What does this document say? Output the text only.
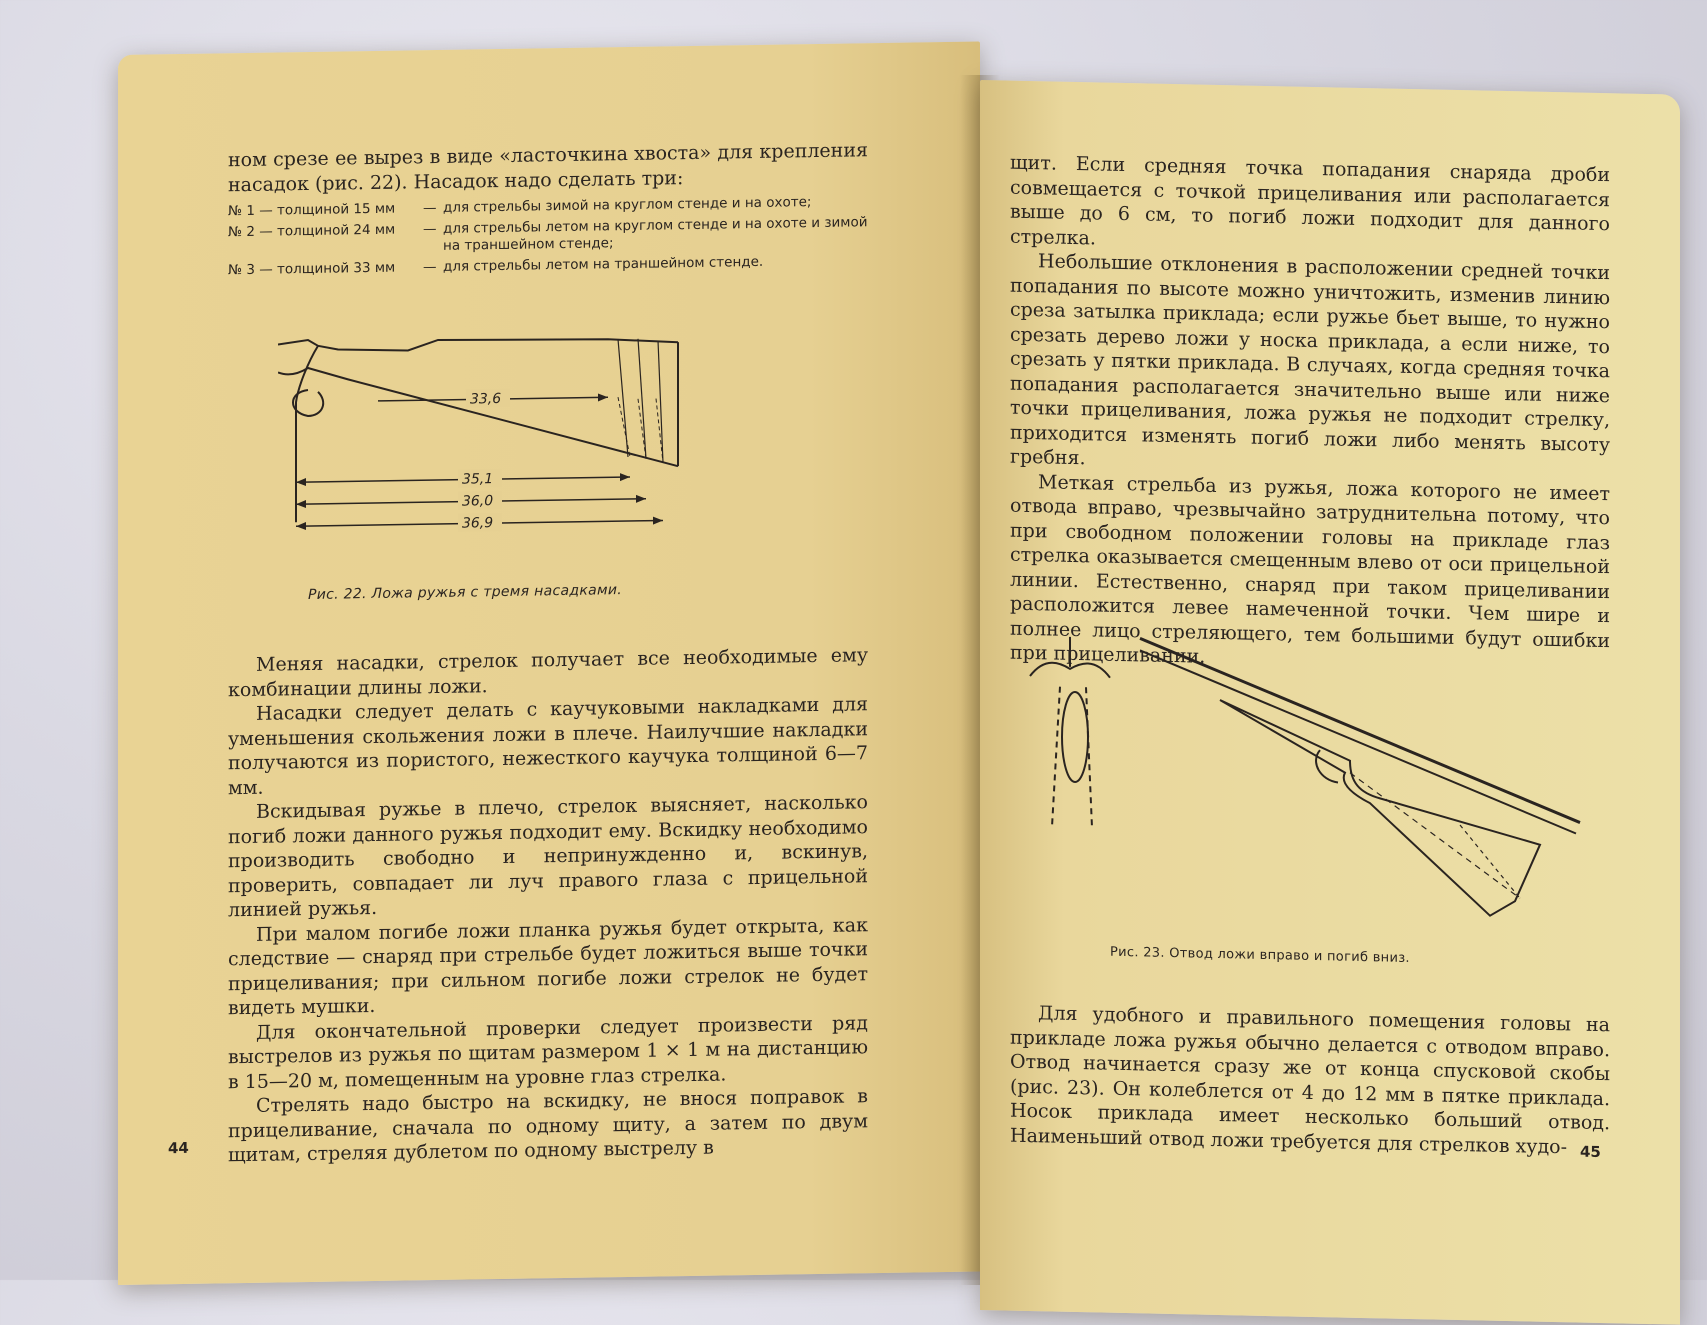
ном срезе ее вырез в виде «ласточкина хвоста» для крепления насадок (рис. 22). Насадок надо сделать три:

№ 1 — толщиной 15 мм	— для стрельбы зимой на круглом стенде и на охоте;
№ 2 — толщиной 24 мм	— для стрельбы летом на круглом стенде и на охоте и зимой на траншейном стенде;
№ 3 — толщиной 33 мм	— для стрельбы летом на траншейном стенде.
33,6
35,1
36,0
36,9
Рис. 22. Ложа ружья с тремя насадками.

Меняя насадки, стрелок получает все необходимые ему комбинации длины ложи.

Насадки следует делать с каучуковыми накладками для уменьшения скольжения ложи в плече. Наилучшие накладки получаются из пористого, нежесткого каучука толщиной 6—7 мм.

Вскидывая ружье в плечо, стрелок выясняет, насколько погиб ложи данного ружья подходит ему. Вскидку необходимо производить свободно и непринужденно и, вскинув, проверить, совпадает ли луч правого глаза с прицельной линией ружья.

При малом погибе ложи планка ружья будет открыта, как следствие — снаряд при стрельбе будет ложиться выше точки прицеливания; при сильном погибе ложи стрелок не будет видеть мушки.

Для окончательной проверки следует произвести ряд выстрелов из ружья по щитам размером 1 × 1 м на дистанцию в 15—20 м, помещенным на уровне глаз стрелка.

Стрелять надо быстро на вскидку, не внося поправок в прицеливание, сначала по одному щиту, а затем по двум щитам, стреляя дублетом по одному выстрелу в

44

щит. Если средняя точка попадания снаряда дроби совмещается с точкой прицеливания или располагается выше до 6 см, то погиб ложи подходит для данного стрелка.

Небольшие отклонения в расположении средней точки попадания по высоте можно уничтожить, изменив линию среза затылка приклада; если ружье бьет выше, то нужно срезать дерево ложи у носка приклада, а если ниже, то срезать у пятки приклада. В случаях, когда средняя точка попадания располагается значительно выше или ниже точки прицеливания, ложа ружья не подходит стрелку, приходится изменять погиб ложи либо менять высоту гребня.

Меткая стрельба из ружья, ложа которого не имеет отвода вправо, чрезвычайно затруднительна потому, что при свободном положении головы на прикладе глаз стрелка оказывается смещенным влево от оси прицельной линии. Естественно, снаряд при таком прицеливании расположится левее намеченной точки. Чем шире и полнее лицо стреляющего, тем большими будут ошибки при прицеливании.

Рис. 23. Отвод ложи вправо и погиб вниз.

Для удобного и правильного помещения головы на прикладе ложа ружья обычно делается с отводом вправо. Отвод начинается сразу же от конца спусковой скобы (рис. 23). Он колеблется от 4 до 12 мм в пятке приклада. Носок приклада имеет несколько больший отвод. Наименьший отвод ложи требуется для стрелков худо- 45
